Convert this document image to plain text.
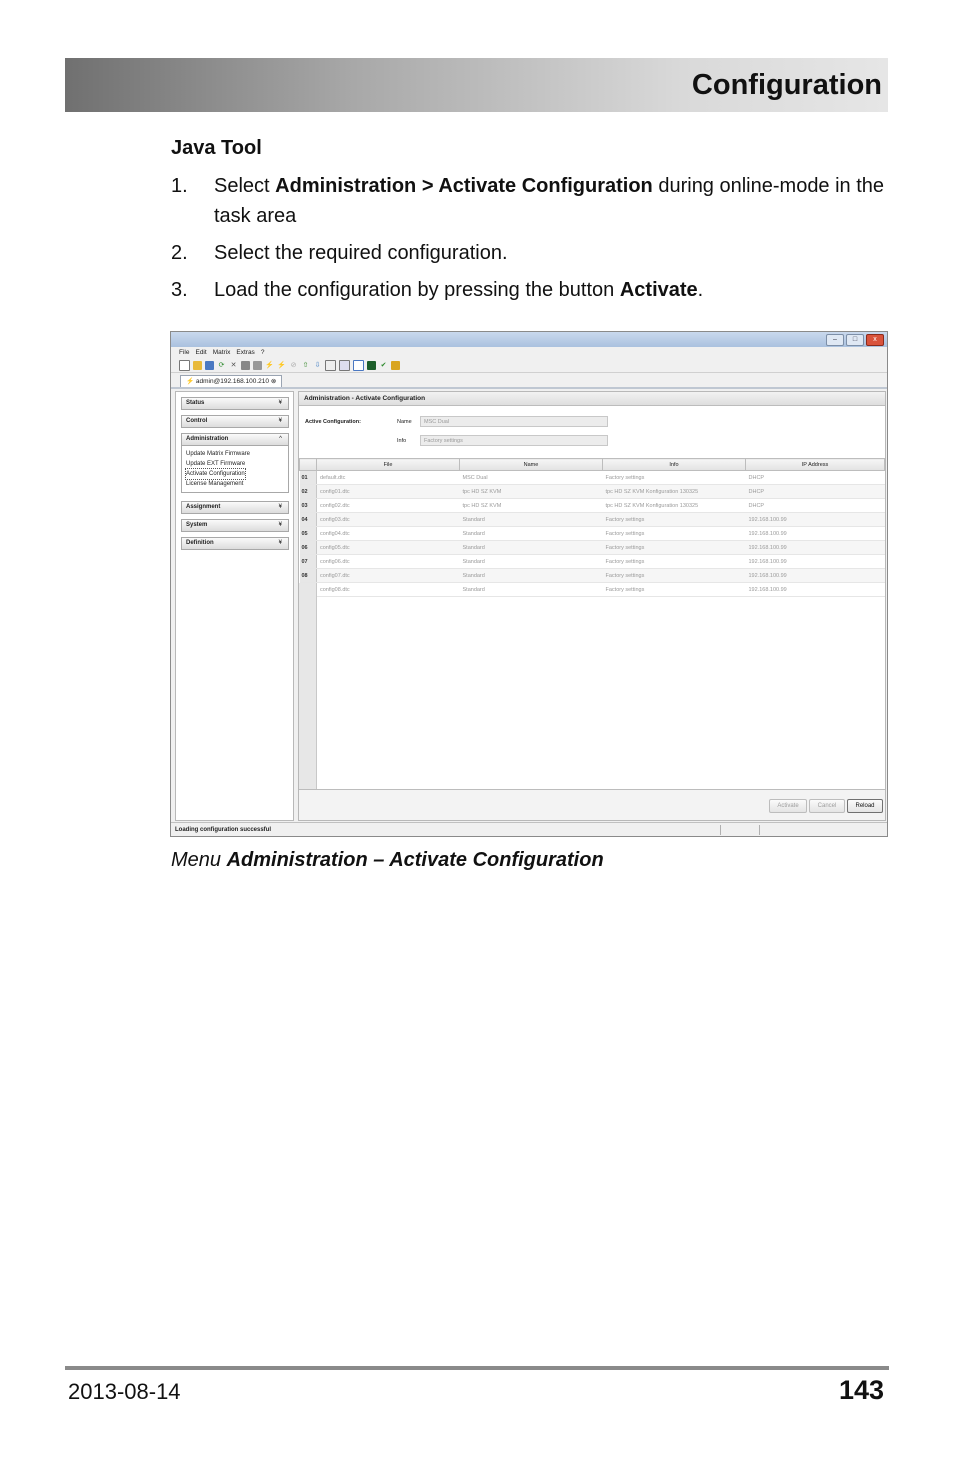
Configuration
Java Tool
1. Select Administration > Activate Configuration during online-mode in the task area
2. Select the required configuration.
3. Load the configuration by pressing the button Activate.
–	□	x
File Edit Matrix Extras ?
⟳ ✕	⚡ ⚡ ⊘ ⇧ ⇩	✔
⚡ admin@192.168.100.210 ⊗
Status	¥
Control	¥
Administration	^
Update Matrix Firmware
Update EXT Firmware
Activate Configuration
License Management
Assignment	¥
System	¥
Definition	¥
Administration - Activate Configuration
Active Configuration:	Name	MSC Dual
Info	Factory settings
	File	Name	Info	IP Address
01	default.dtc	MSC Dual	Factory settings	DHCP
02	config01.dtc	tpc HD SZ KVM	tpc HD SZ KVM Konfiguration 130325	DHCP
03	config02.dtc	tpc HD SZ KVM	tpc HD SZ KVM Konfiguration 130325	DHCP
04	config03.dtc	Standard	Factory settings	192.168.100.99
05	config04.dtc	Standard	Factory settings	192.168.100.99
06	config05.dtc	Standard	Factory settings	192.168.100.99
07	config06.dtc	Standard	Factory settings	192.168.100.99
08	config07.dtc	Standard	Factory settings	192.168.100.99
	config08.dtc	Standard	Factory settings	192.168.100.99
Activate	Cancel	Reload
Loading configuration successful
Menu Administration – Activate Configuration
2013-08-14	143
